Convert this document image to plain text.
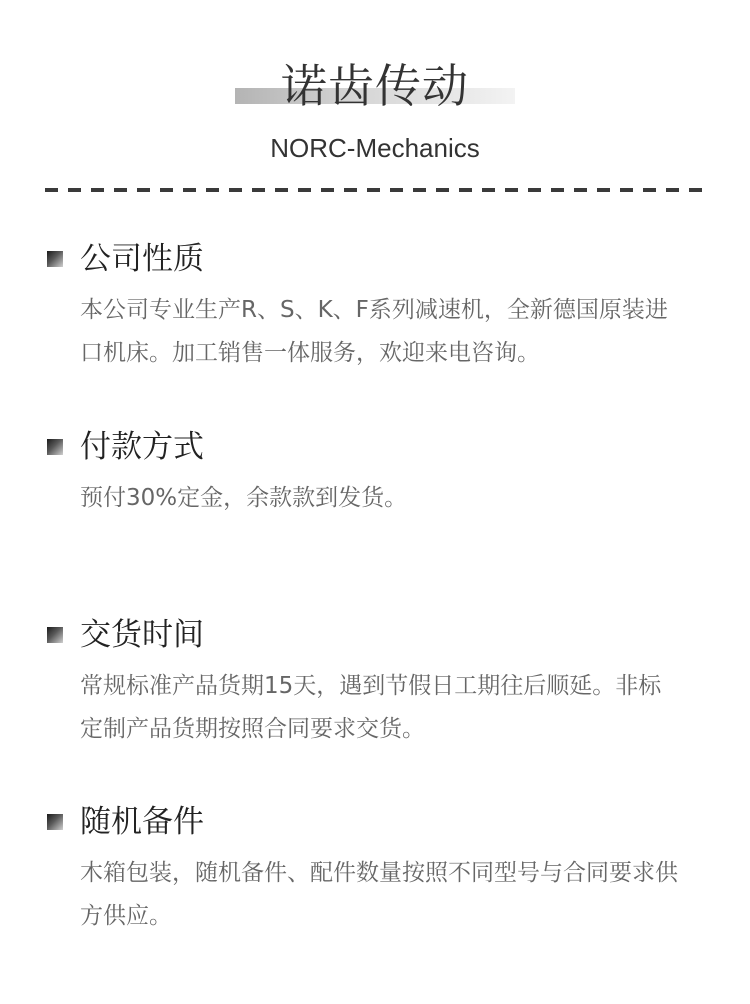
诺齿传动
NORC-Mechanics
公司性质

本公司专业生产R、S、K、F系列减速机，全新德国原装进

口机床。加工销售一体服务，欢迎来电咨询。

付款方式

预付30%定金，余款款到发货。

交货时间

常规标准产品货期15天，遇到节假日工期往后顺延。非标

定制产品货期按照合同要求交货。

随机备件

木箱包装，随机备件、配件数量按照不同型号与合同要求供

方供应。
